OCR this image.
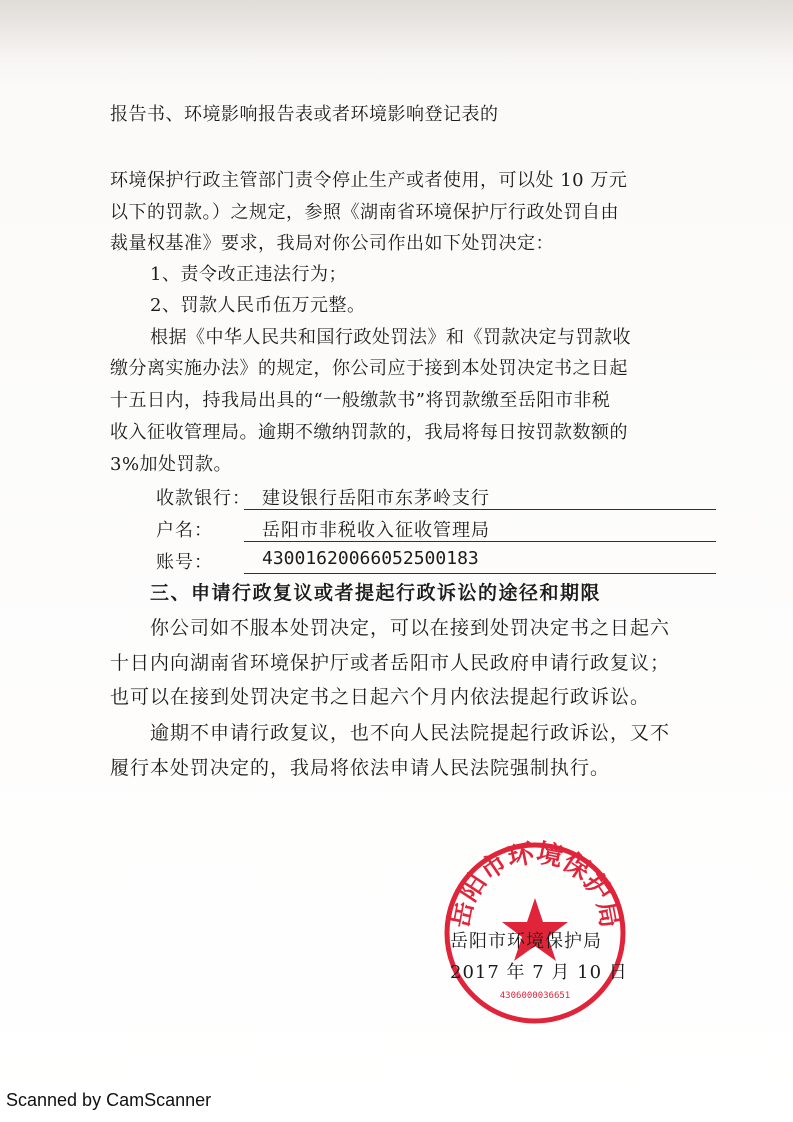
报告书、环境影响报告表或者环境影响登记表的
环境保护行政主管部门责令停止生产或者使用，可以处 10 万元
以下的罚款。）之规定，参照《湖南省环境保护厅行政处罚自由
裁量权基准》要求，我局对你公司作出如下处罚决定：
1、责令改正违法行为；
2、罚款人民币伍万元整。
根据《中华人民共和国行政处罚法》和《罚款决定与罚款收
缴分离实施办法》的规定，你公司应于接到本处罚决定书之日起
十五日内，持我局出具的“一般缴款书”将罚款缴至岳阳市非税
收入征收管理局。逾期不缴纳罚款的，我局将每日按罚款数额的
3%加处罚款。
收款银行： 建设银行岳阳市东茅岭支行
户名：	岳阳市非税收入征收管理局
账号：	43001620066052500183
三、申请行政复议或者提起行政诉讼的途径和期限
你公司如不服本处罚决定，可以在接到处罚决定书之日起六
十日内向湖南省环境保护厅或者岳阳市人民政府申请行政复议；
也可以在接到处罚决定书之日起六个月内依法提起行政诉讼。
逾期不申请行政复议，也不向人民法院提起行政诉讼，又不
履行本处罚决定的，我局将依法申请人民法院强制执行。
岳阳市环境保护局
4306000036651
岳阳市环境保护局
2017 年 7 月 10 日
Scanned by CamScanner
